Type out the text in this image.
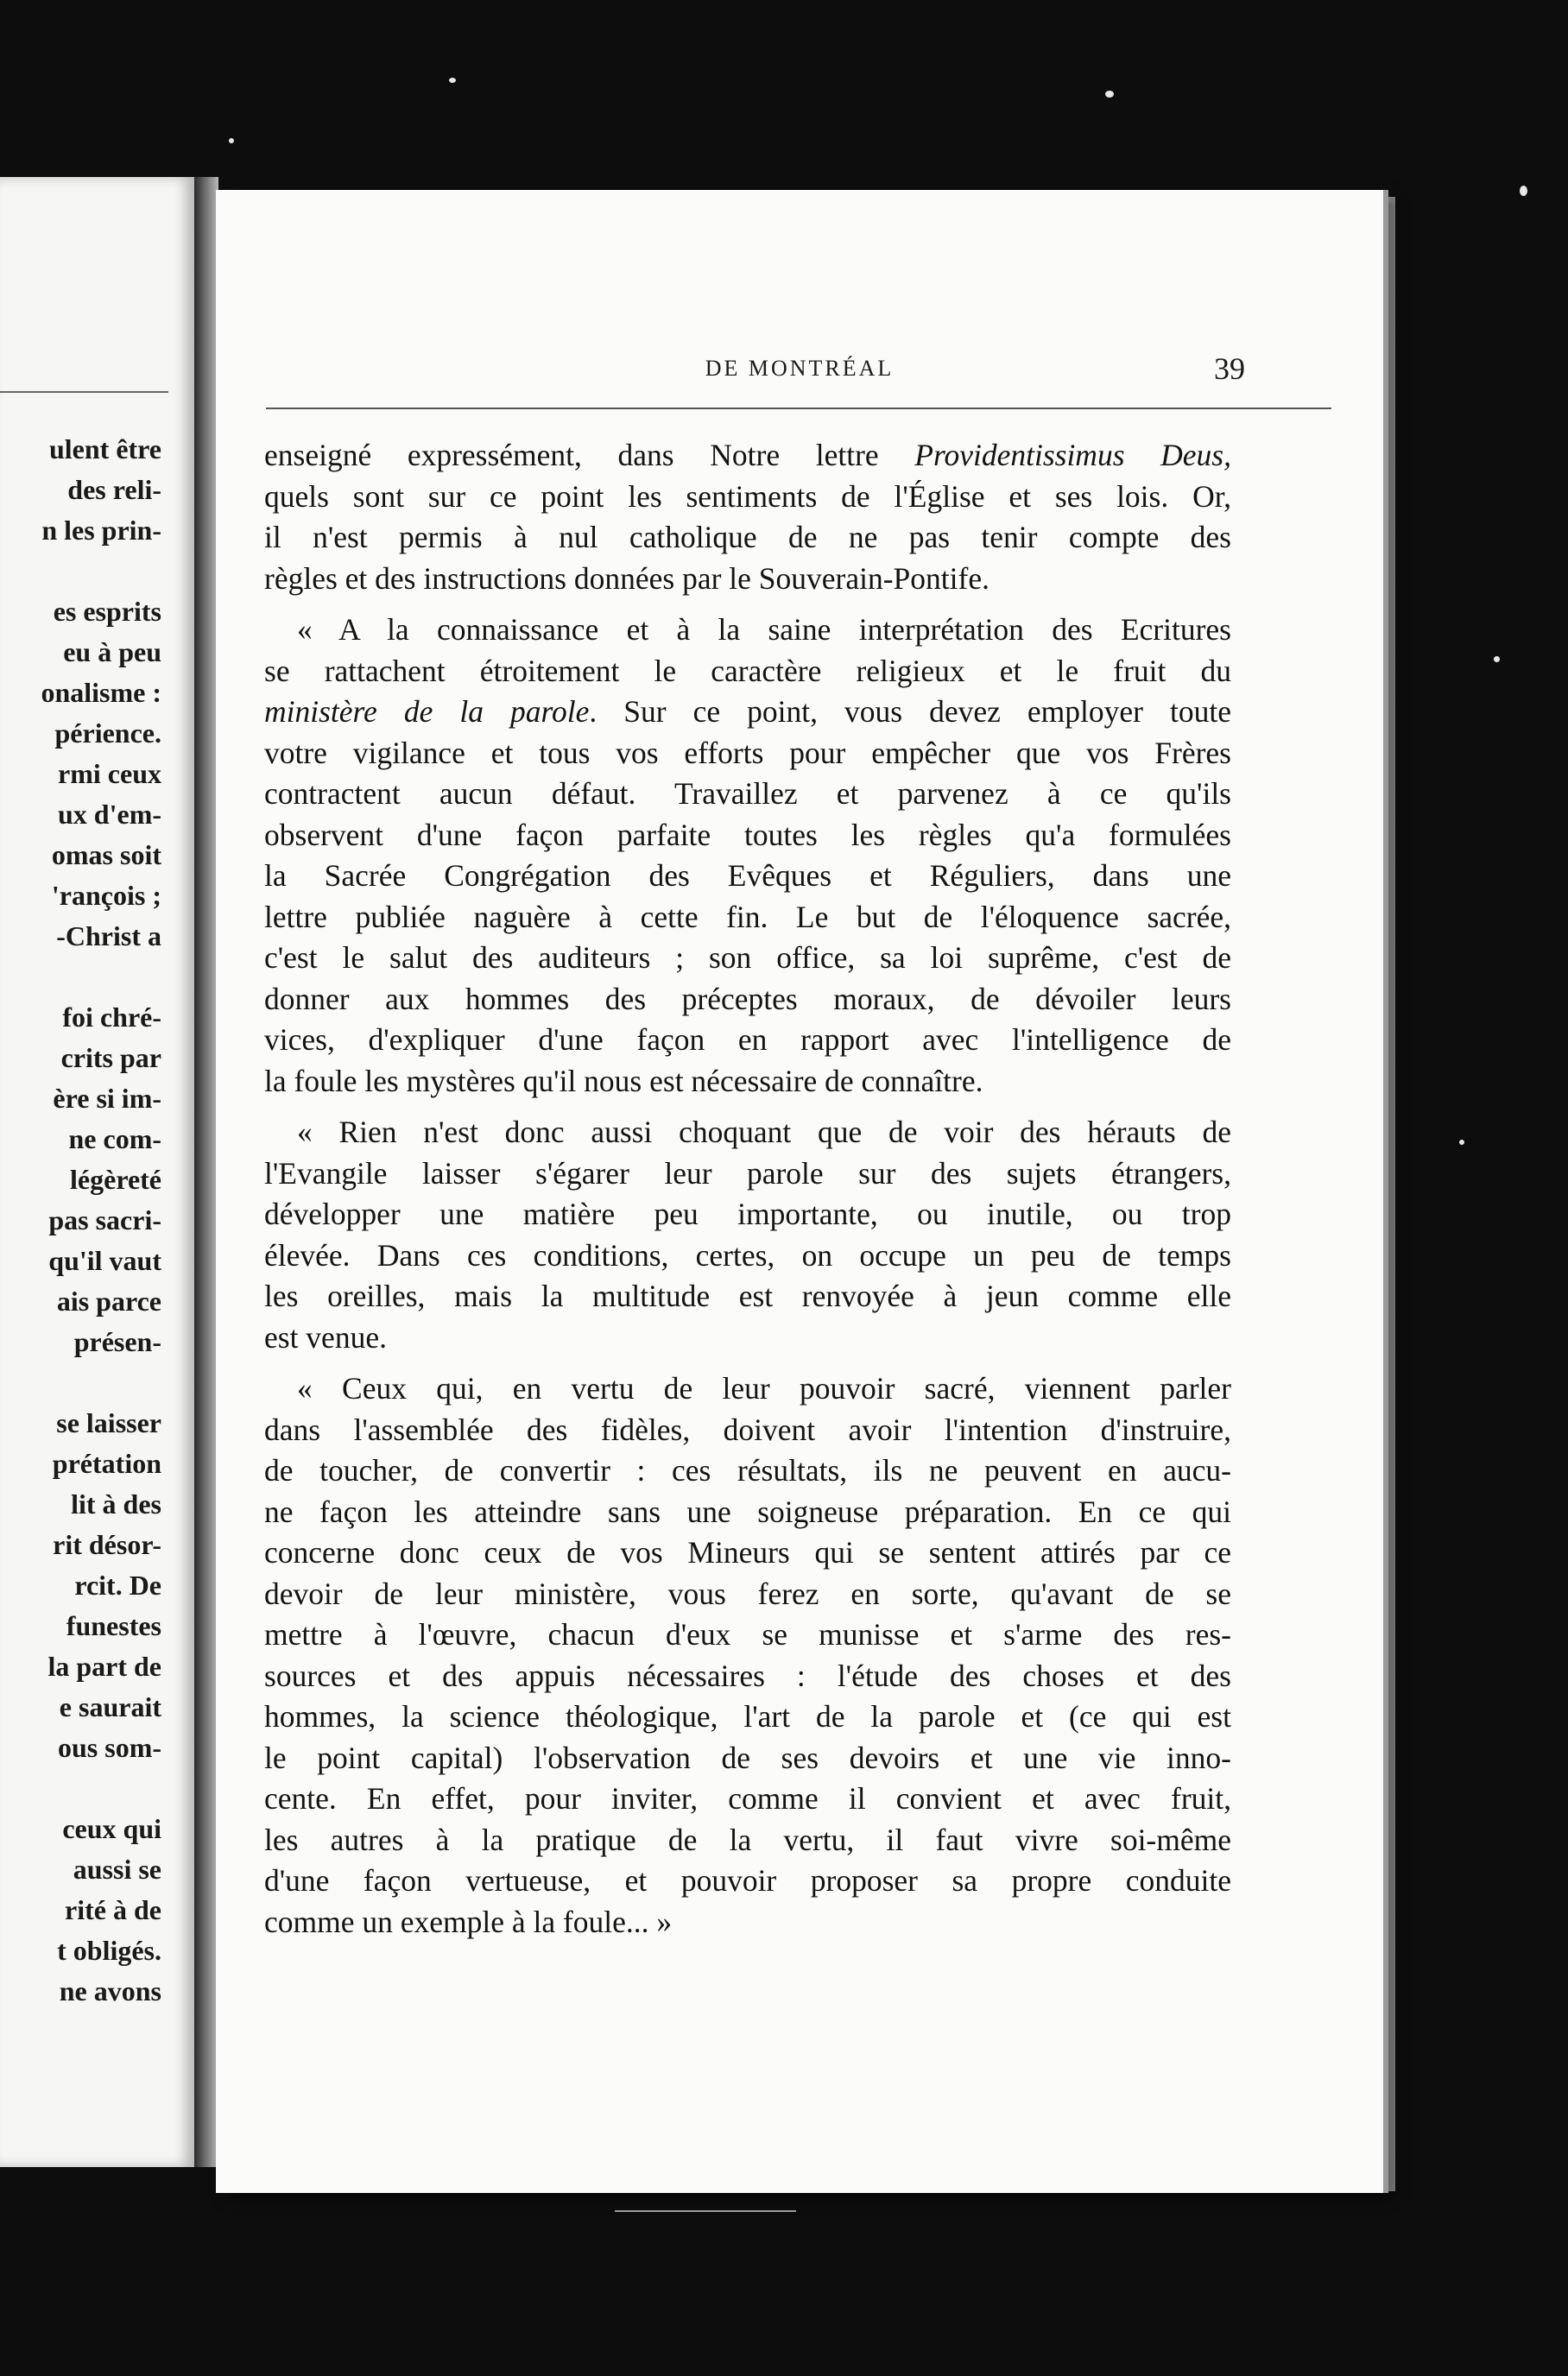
ulent être
des reli-
n les prin-
es esprits
eu à peu
onalisme :
périence.
rmi ceux
ux d'em-
omas soit
'rançois ;
-Christ a
foi chré-
crits par
ère si im-
ne com-
légèreté
pas sacri-
qu'il vaut
ais parce
présen-
se laisser
prétation
lit à des
rit désor-
rcit. De
funestes
la part de
e saurait
ous som-
ceux qui
aussi se
rité à de
t obligés.
ne avons
DE MONTRÉAL	39
enseigné expressément, dans Notre lettre Providentissimus Deus,
quels sont sur ce point les sentiments de l'Église et ses lois. Or,
il n'est permis à nul catholique de ne pas tenir compte des
règles et des instructions données par le Souverain-Pontife.
« A la connaissance et à la saine interprétation des Ecritures
se rattachent étroitement le caractère religieux et le fruit du
ministère de la parole. Sur ce point, vous devez employer toute
votre vigilance et tous vos efforts pour empêcher que vos Frères
contractent aucun défaut. Travaillez et parvenez à ce qu'ils
observent d'une façon parfaite toutes les règles qu'a formulées
la Sacrée Congrégation des Evêques et Réguliers, dans une
lettre publiée naguère à cette fin. Le but de l'éloquence sacrée,
c'est le salut des auditeurs ; son office, sa loi suprême, c'est de
donner aux hommes des préceptes moraux, de dévoiler leurs
vices, d'expliquer d'une façon en rapport avec l'intelligence de
la foule les mystères qu'il nous est nécessaire de connaître.
« Rien n'est donc aussi choquant que de voir des hérauts de
l'Evangile laisser s'égarer leur parole sur des sujets étrangers,
développer une matière peu importante, ou inutile, ou trop
élevée. Dans ces conditions, certes, on occupe un peu de temps
les oreilles, mais la multitude est renvoyée à jeun comme elle
est venue.
« Ceux qui, en vertu de leur pouvoir sacré, viennent parler
dans l'assemblée des fidèles, doivent avoir l'intention d'instruire,
de toucher, de convertir : ces résultats, ils ne peuvent en aucu-
ne façon les atteindre sans une soigneuse préparation. En ce qui
concerne donc ceux de vos Mineurs qui se sentent attirés par ce
devoir de leur ministère, vous ferez en sorte, qu'avant de se
mettre à l'œuvre, chacun d'eux se munisse et s'arme des res-
sources et des appuis nécessaires : l'étude des choses et des
hommes, la science théologique, l'art de la parole et (ce qui est
le point capital) l'observation de ses devoirs et une vie inno-
cente. En effet, pour inviter, comme il convient et avec fruit,
les autres à la pratique de la vertu, il faut vivre soi-même
d'une façon vertueuse, et pouvoir proposer sa propre conduite
comme un exemple à la foule... »
